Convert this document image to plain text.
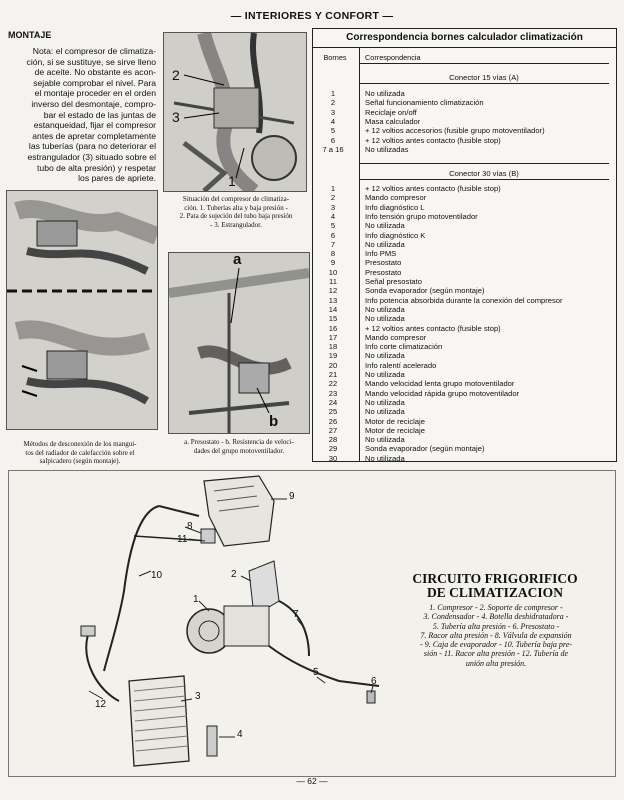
— INTERIORES Y CONFORT —
MONTAJE
Nota: el compresor de climatiza-
ción, si se sustituye, se sirve lleno
de aceite. No obstante es acon-
sejable comprobar el nivel. Para
el montaje proceder en el orden
inverso del desmontaje, compro-
bar el estado de las juntas de
estanqueidad, fijar el compresor
antes de apretar completamente
las tuberías (para no deteriorar el
estrangulador (3) situado sobre el
tubo de alta presión) y respetar
los pares de apriete.
2
3
1
Situación del compresor de climatiza-
ción. 1. Tuberías alta y baja presión -
2. Pata de sujeción del tubo baja presión
- 3. Estrangulador.
Métodos de desconexión de los mangui-
tos del radiador de calefacción sobre el
salpicadero (según montaje).
a
b
a. Presostato - b. Resistencia de veloci-
dades del grupo motoventilador.
Correspondencia bornes calculador climatización
Bornes	Correspondencia
Conector 15 vías (A)
1	No utilizada
2	Señal funcionamiento climatización
3	Reciclaje on/off
4	Masa calculador
5	+ 12 voltios accesorios (fusible grupo motoventilador)
6	+ 12 voltios antes contacto (fusible stop)
7 a 16	No utilizadas
Conector 30 vías (B)
1	+ 12 voltios antes contacto (fusible stop)
2	Mando compresor
3	Info diagnóstico L
4	Info tensión grupo motoventilador
5	No utilizada
6	Info diagnóstico K
7	No utilizada
8	Info PMS
9	Presostato
10	Presostato
11	Señal presostato
12	Sonda evaporador (según montaje)
13	Info potencia absorbida durante la conexión del compresor
14	No utilizada
15	No utilizada
16	+ 12 voltios antes contacto (fusible stop)
17	Mando compresor
18	Info corte climatización
19	No utilizada
20	Info ralentí acelerado
21	No utilizada
22	Mando velocidad lenta grupo motoventilador
23	Mando velocidad rápida grupo motoventilador
24	No utilizada
25	No utilizada
26	Motor de reciclaje
27	Motor de reciclaje
28	No utilizada
29	Sonda evaporador (según montaje)
30	No utilizada
9
8
11
10	2
1
3
4
7
5
6
12
CIRCUITO FRIGORIFICO
DE CLIMATIZACION
1. Compresor - 2. Soporte de compresor -
3. Condensador - 4. Botella deshidratadora -
5. Tubería alta presión - 6. Presostato -
7. Racor alta presión - 8. Válvula de expansión
- 9. Caja de evaporador - 10. Tubería baja pre-
sión - 11. Racor alta presión - 12. Tubería de
unión alta presión.
— 62 —
